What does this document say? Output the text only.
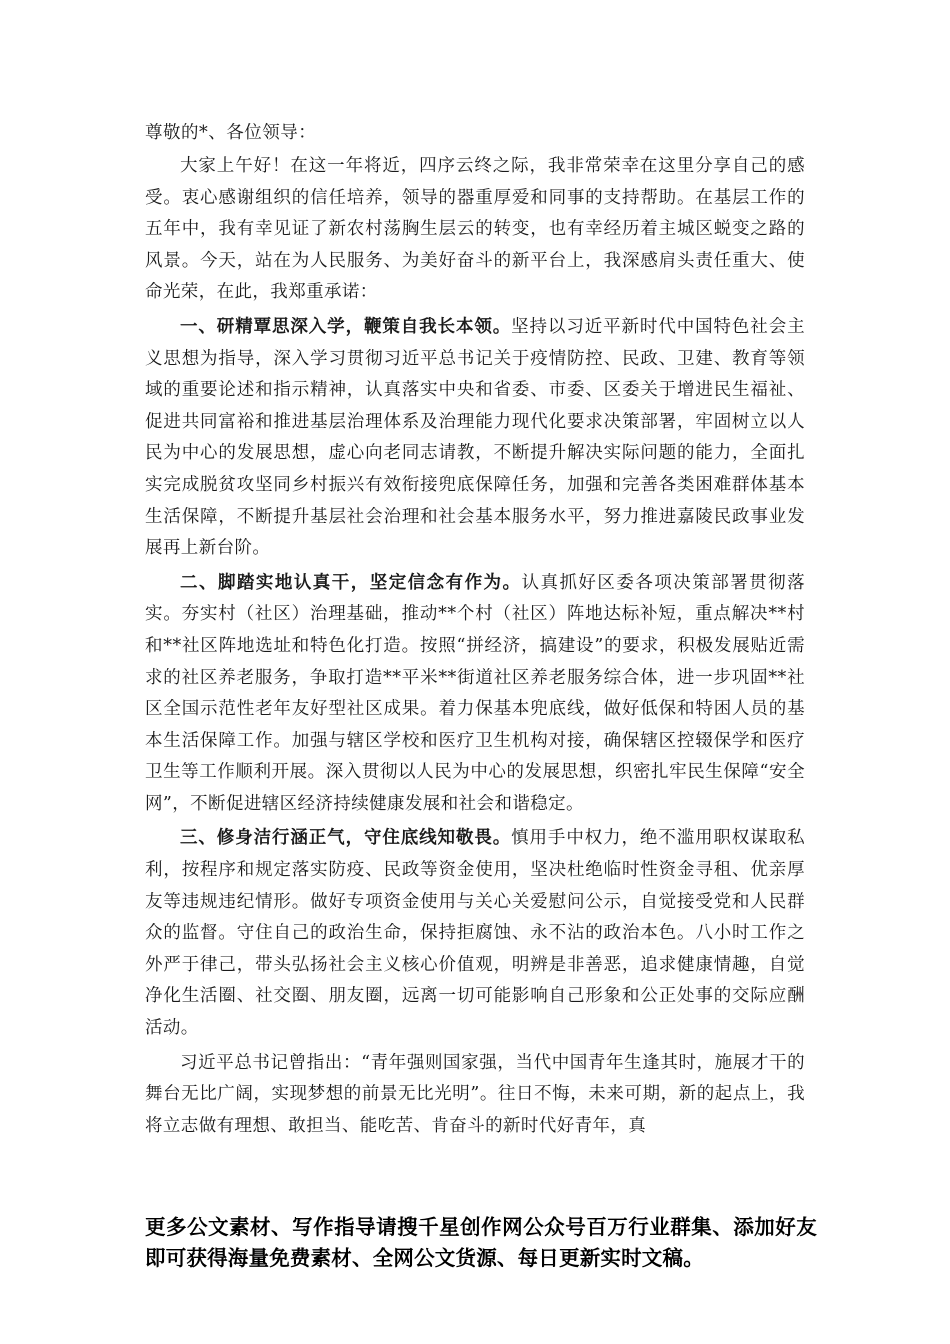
尊敬的*、各位领导：

大家上午好！在这一年将近，四序云终之际，我非常荣幸在这里分享自己的感受。衷心感谢组织的信任培养，领导的器重厚爱和同事的支持帮助。在基层工作的五年中，我有幸见证了新农村荡胸生层云的转变，也有幸经历着主城区蜕变之路的风景。今天，站在为人民服务、为美好奋斗的新平台上，我深感肩头责任重大、使命光荣，在此，我郑重承诺：

一、研精覃思深入学，鞭策自我长本领。坚持以习近平新时代中国特色社会主义思想为指导，深入学习贯彻习近平总书记关于疫情防控、民政、卫建、教育等领域的重要论述和指示精神，认真落实中央和省委、市委、区委关于增进民生福祉、促进共同富裕和推进基层治理体系及治理能力现代化要求决策部署，牢固树立以人民为中心的发展思想，虚心向老同志请教，不断提升解决实际问题的能力，全面扎实完成脱贫攻坚同乡村振兴有效衔接兜底保障任务，加强和完善各类困难群体基本生活保障，不断提升基层社会治理和社会基本服务水平，努力推进嘉陵民政事业发展再上新台阶。

二、脚踏实地认真干，坚定信念有作为。认真抓好区委各项决策部署贯彻落实。夯实村（社区）治理基础，推动**个村（社区）阵地达标补短，重点解决**村和**社区阵地选址和特色化打造。按照“拼经济，搞建设”的要求，积极发展贴近需求的社区养老服务，争取打造**平米**街道社区养老服务综合体，进一步巩固**社区全国示范性老年友好型社区成果。着力保基本兜底线，做好低保和特困人员的基本生活保障工作。加强与辖区学校和医疗卫生机构对接，确保辖区控辍保学和医疗卫生等工作顺利开展。深入贯彻以人民为中心的发展思想，织密扎牢民生保障“安全网”，不断促进辖区经济持续健康发展和社会和谐稳定。

三、修身洁行涵正气，守住底线知敬畏。慎用手中权力，绝不滥用职权谋取私利，按程序和规定落实防疫、民政等资金使用，坚决杜绝临时性资金寻租、优亲厚友等违规违纪情形。做好专项资金使用与关心关爱慰问公示，自觉接受党和人民群众的监督。守住自己的政治生命，保持拒腐蚀、永不沾的政治本色。八小时工作之外严于律己，带头弘扬社会主义核心价值观，明辨是非善恶，追求健康情趣，自觉净化生活圈、社交圈、朋友圈，远离一切可能影响自己形象和公正处事的交际应酬活动。

习近平总书记曾指出：“青年强则国家强，当代中国青年生逢其时，施展才干的舞台无比广阔，实现梦想的前景无比光明”。往日不悔，未来可期，新的起点上，我将立志做有理想、敢担当、能吃苦、肯奋斗的新时代好青年，真

更多公文素材、写作指导请搜千星创作网公众号百万行业群集、添加好友即可获得海量免费素材、全网公文货源、每日更新实时文稿。
